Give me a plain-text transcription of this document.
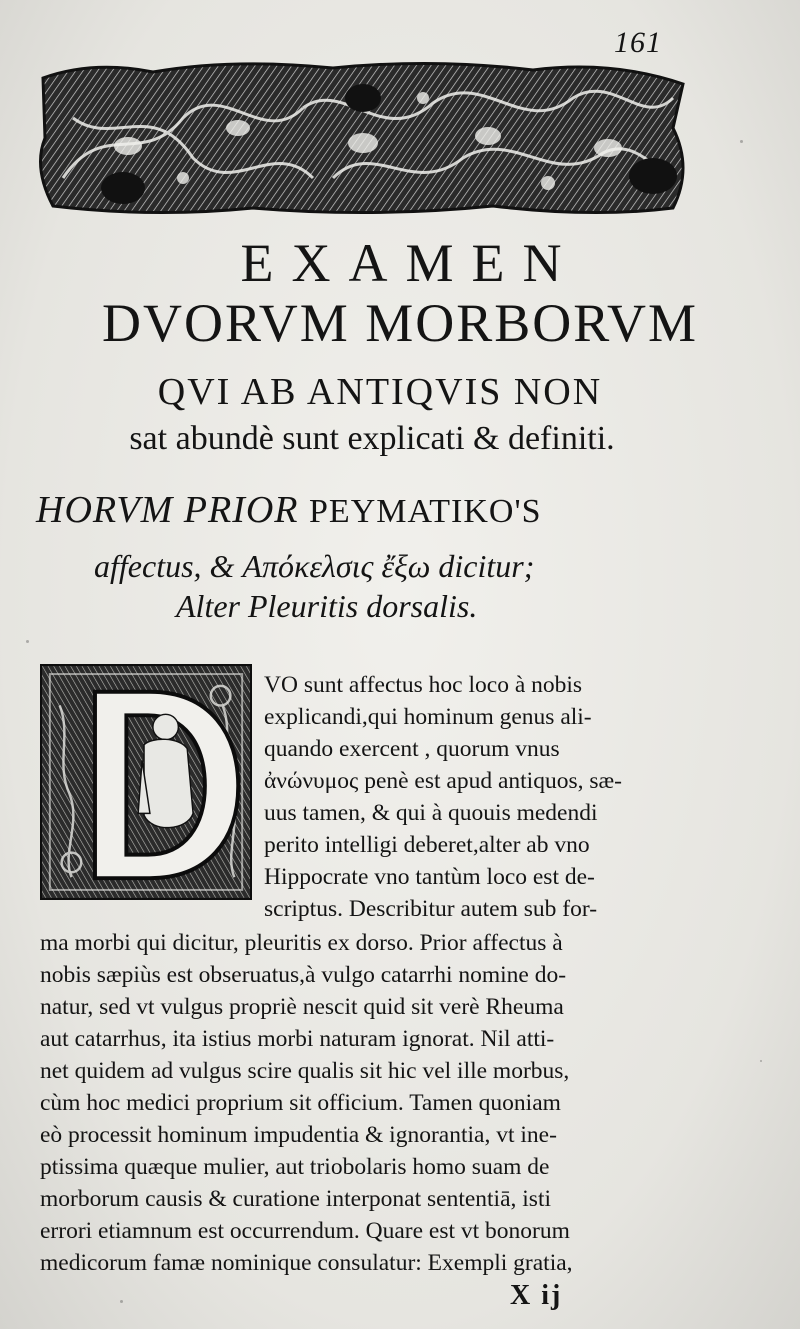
161
EXAMEN
DVORVM MORBORVM
QVI AB ANTIQVIS NON
sat abundè sunt explicati & definiti.
HORVM PRIOR PEYMATIKO'S
affectus, & Απόκελσις ἔξω dicitur;
Alter Pleuritis dorsalis.
VO sunt affectus hoc loco à nobis
explicandi,qui hominum genus ali-
quando exercent , quorum vnus
ἀνώνυμος penè est apud antiquos, sæ-
uus tamen, & qui à quouis medendi
perito intelligi deberet,alter ab vno
Hippocrate vno tantùm loco est de-
scriptus. Describitur autem sub for-
ma morbi qui dicitur, pleuritis ex dorso. Prior affectus à
nobis sæpiùs est obseruatus,à vulgo catarrhi nomine do-
natur, sed vt vulgus propriè nescit quid sit verè Rheuma
aut catarrhus, ita istius morbi naturam ignorat. Nil atti-
net quidem ad vulgus scire qualis sit hic vel ille morbus,
cùm hoc medici proprium sit officium. Tamen quoniam
eò processit hominum impudentia & ignorantia, vt ine-
ptissima quæque mulier, aut triobolaris homo suam de
morborum causis & curatione interponat sententiā, isti
errori etiamnum est occurrendum. Quare est vt bonorum
medicorum famæ nominique consulatur: Exempli gratia,
X ij
